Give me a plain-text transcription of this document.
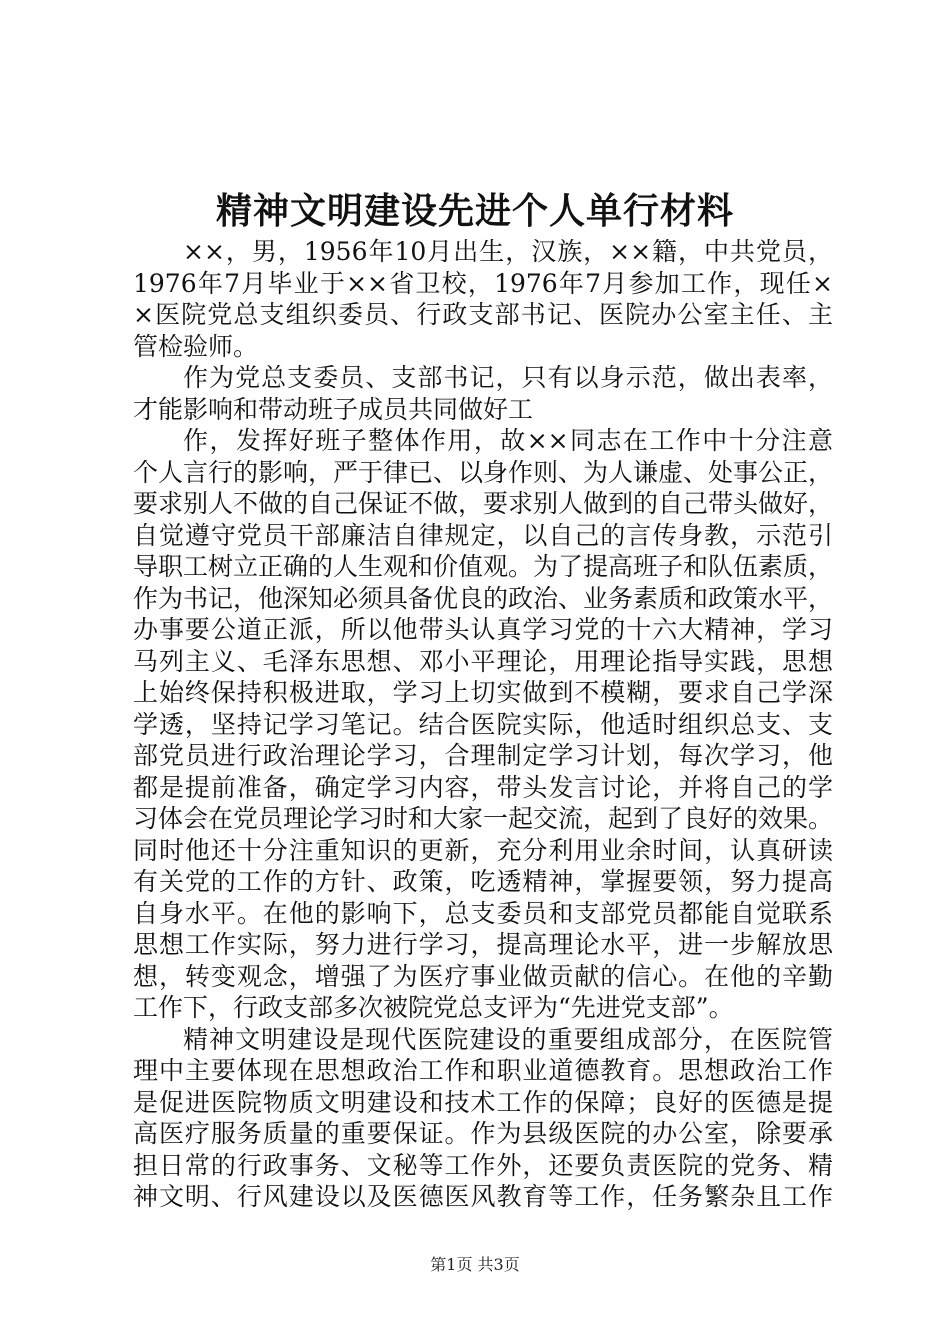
精神文明建设先进个人单行材料
××，男，1956年10月出生，汉族，××籍，中共党员，
1976年7月毕业于××省卫校，1976年7月参加工作，现任×
×医院党总支组织委员、行政支部书记、医院办公室主任、主
管检验师。
作为党总支委员、支部书记，只有以身示范，做出表率，
才能影响和带动班子成员共同做好工
作，发挥好班子整体作用，故××同志在工作中十分注意
个人言行的影响，严于律已、以身作则、为人谦虚、处事公正，
要求别人不做的自己保证不做，要求别人做到的自己带头做好，
自觉遵守党员干部廉洁自律规定，以自己的言传身教，示范引
导职工树立正确的人生观和价值观。为了提高班子和队伍素质，
作为书记，他深知必须具备优良的政治、业务素质和政策水平，
办事要公道正派，所以他带头认真学习党的十六大精神，学习
马列主义、毛泽东思想、邓小平理论，用理论指导实践，思想
上始终保持积极进取，学习上切实做到不模糊，要求自己学深
学透，坚持记学习笔记。结合医院实际，他适时组织总支、支
部党员进行政治理论学习，合理制定学习计划，每次学习，他
都是提前准备，确定学习内容，带头发言讨论，并将自己的学
习体会在党员理论学习时和大家一起交流，起到了良好的效果。
同时他还十分注重知识的更新，充分利用业余时间，认真研读
有关党的工作的方针、政策，吃透精神，掌握要领，努力提高
自身水平。在他的影响下，总支委员和支部党员都能自觉联系
思想工作实际，努力进行学习，提高理论水平，进一步解放思
想，转变观念，增强了为医疗事业做贡献的信心。在他的辛勤
工作下，行政支部多次被院党总支评为“先进党支部”。
精神文明建设是现代医院建设的重要组成部分，在医院管
理中主要体现在思想政治工作和职业道德教育。思想政治工作
是促进医院物质文明建设和技术工作的保障；良好的医德是提
高医疗服务质量的重要保证。作为县级医院的办公室，除要承
担日常的行政事务、文秘等工作外，还要负责医院的党务、精
神文明、行风建设以及医德医风教育等工作，任务繁杂且工作
第1页 共3页
